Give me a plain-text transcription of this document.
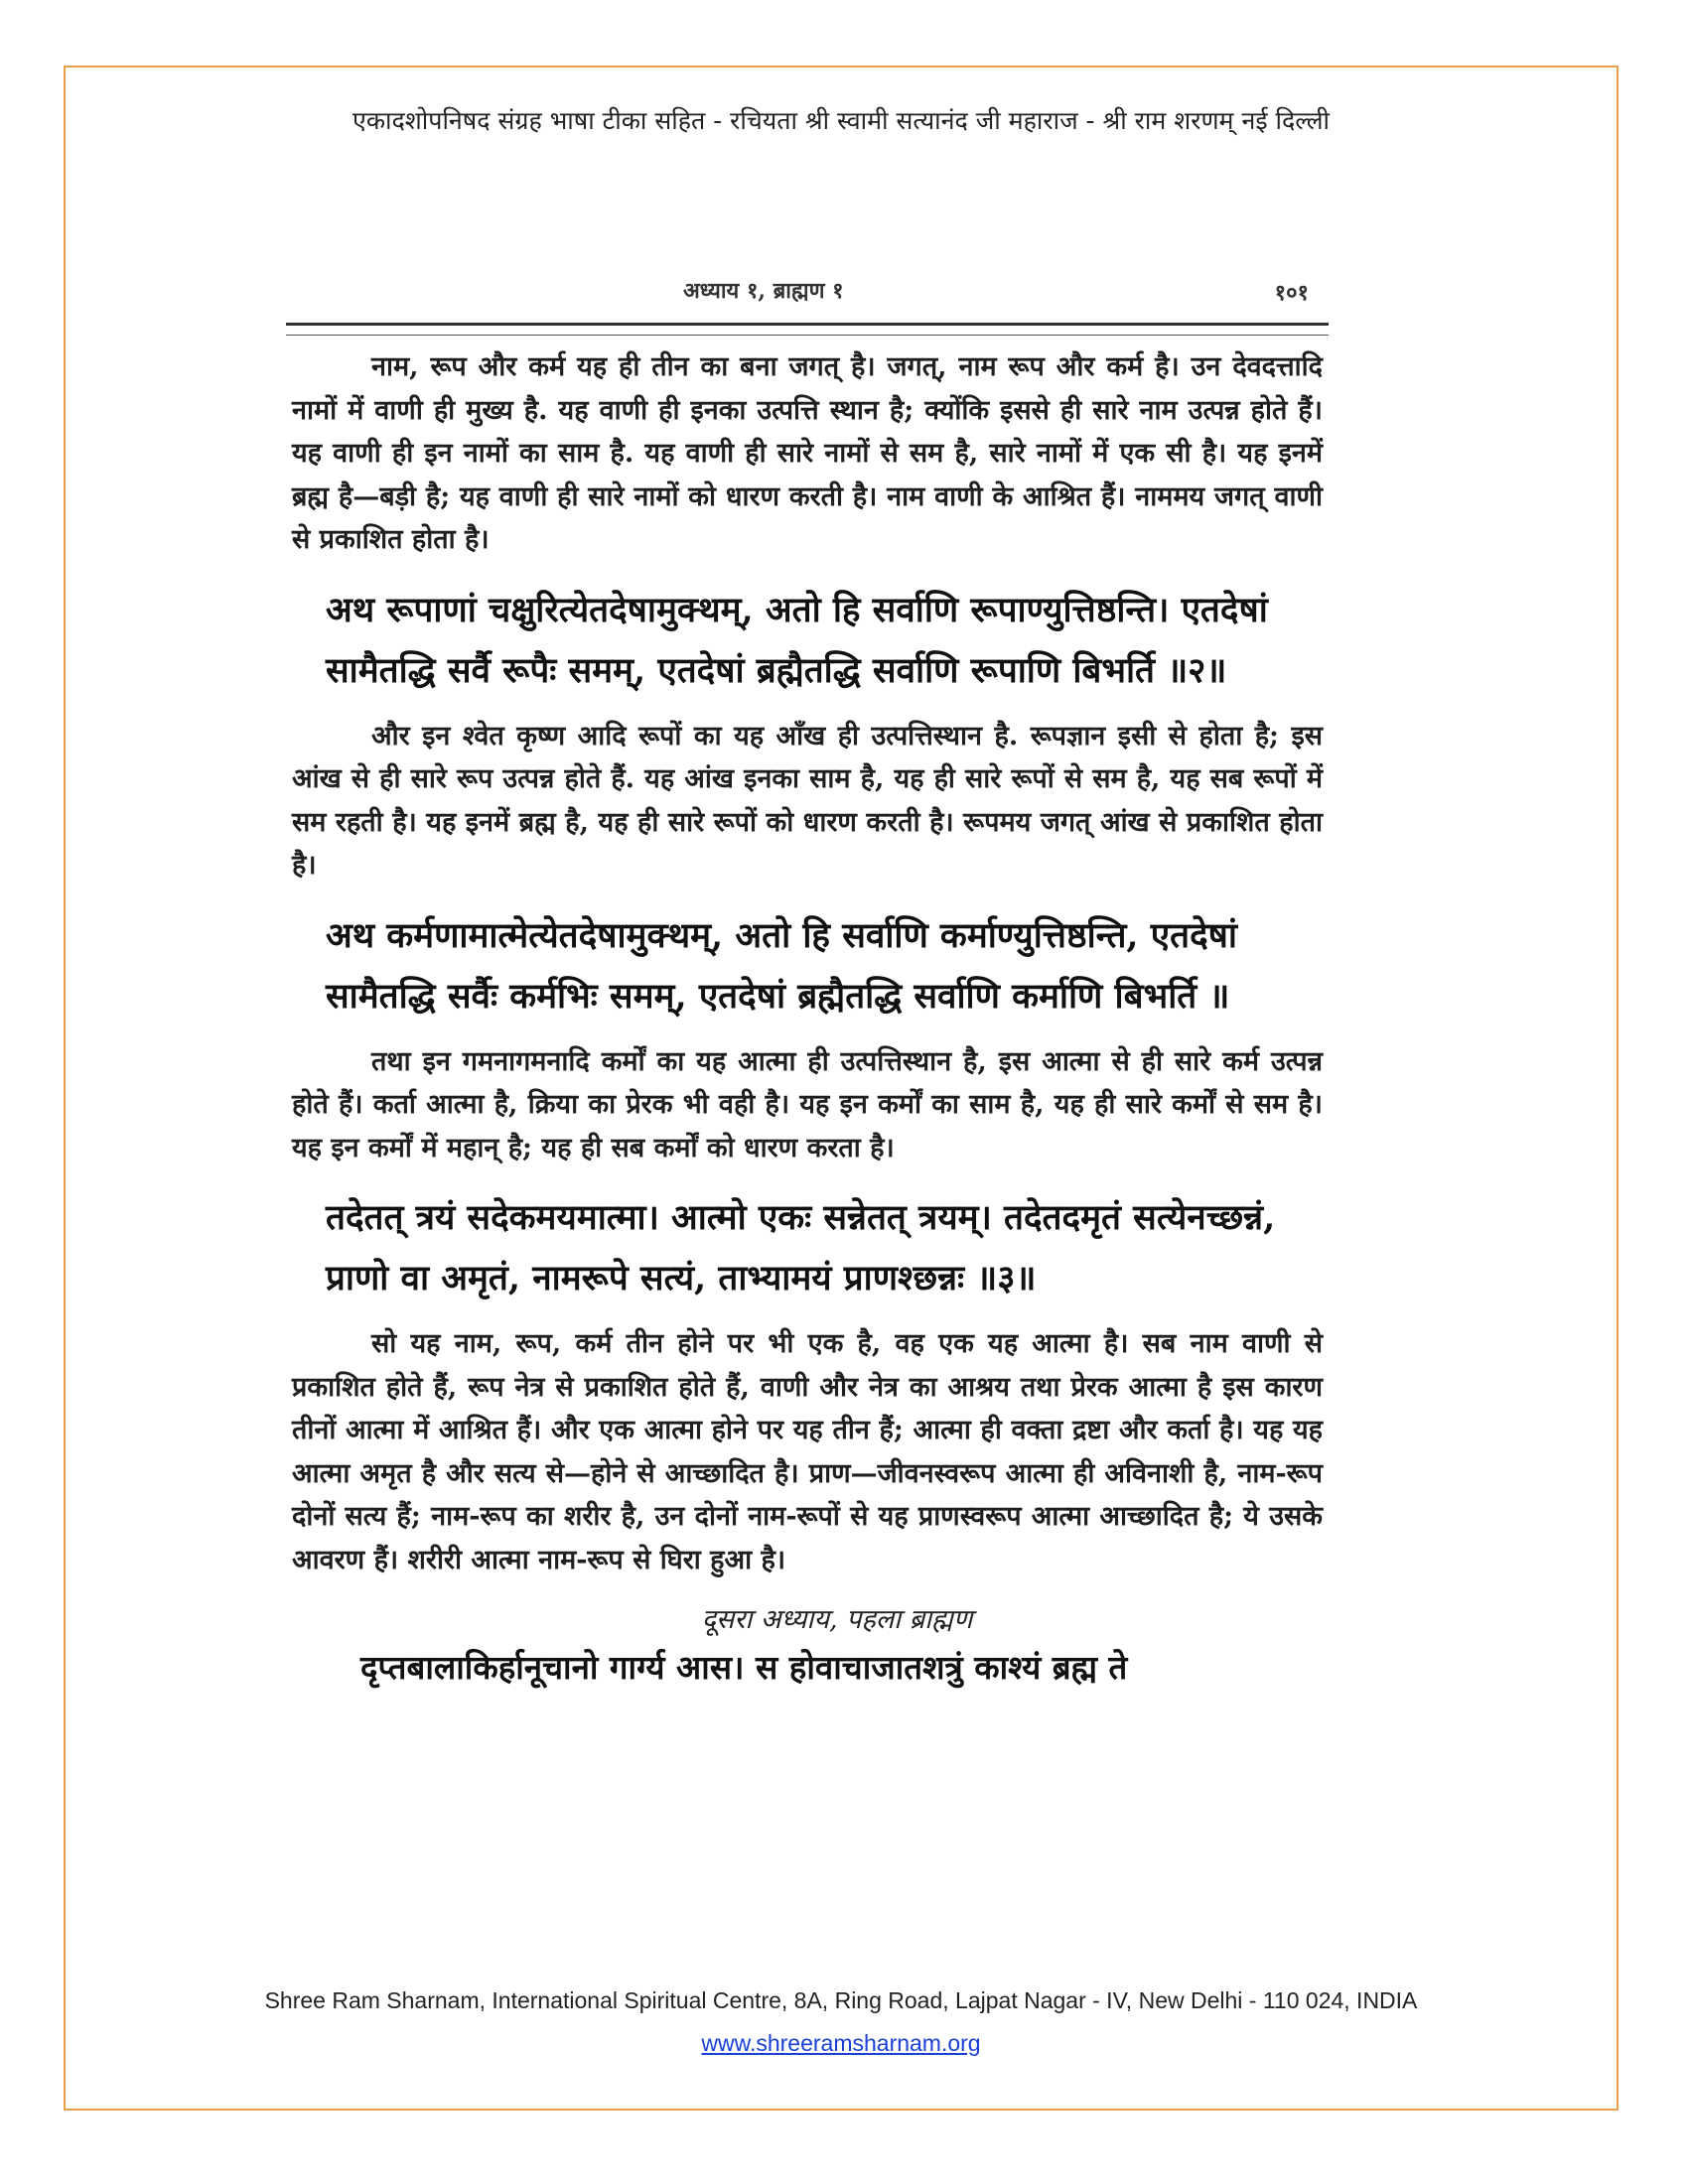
एकादशोपनिषद संग्रह भाषा टीका सहित - रचियता श्री स्वामी सत्यानंद जी महाराज - श्री राम शरणम् नई दिल्ली
अध्याय १, ब्राह्मण १	१०१

नाम, रूप और कर्म यह ही तीन का बना जगत् है। जगत्, नाम रूप और कर्म है। उन देवदत्तादि नामों में वाणी ही मुख्य है. यह वाणी ही इनका उत्पत्ति स्थान है; क्योंकि इससे ही सारे नाम उत्पन्न होते हैं। यह वाणी ही इन नामों का साम है. यह वाणी ही सारे नामों से सम है, सारे नामों में एक सी है। यह इनमें ब्रह्म है—बड़ी है; यह वाणी ही सारे नामों को धारण करती है। नाम वाणी के आश्रित हैं। नाममय जगत् वाणी से प्रकाशित होता है।

अथ रूपाणां चक्षुरित्येतदेषामुक्थम्, अतो हि सर्वाणि रूपाण्युत्तिष्ठन्ति। एतदेषां सामैतद्धि सर्वै रूपैः समम्, एतदेषां ब्रह्मैतद्धि सर्वाणि रूपाणि बिभर्ति ॥२॥

और इन श्वेत कृष्ण आदि रूपों का यह आँख ही उत्पत्तिस्थान है. रूपज्ञान इसी से होता है; इस आंख से ही सारे रूप उत्पन्न होते हैं. यह आंख इनका साम है, यह ही सारे रूपों से सम है, यह सब रूपों में सम रहती है। यह इनमें ब्रह्म है, यह ही सारे रूपों को धारण करती है। रूपमय जगत् आंख से प्रकाशित होता है।

अथ कर्मणामात्मेत्येतदेषामुक्थम्, अतो हि सर्वाणि कर्माण्युत्तिष्ठन्ति, एतदेषां सामैतद्धि सर्वैः कर्मभिः समम्, एतदेषां ब्रह्मैतद्धि सर्वाणि कर्माणि बिभर्ति ॥

तथा इन गमनागमनादि कर्मों का यह आत्मा ही उत्पत्तिस्थान है, इस आत्मा से ही सारे कर्म उत्पन्न होते हैं। कर्ता आत्मा है, क्रिया का प्रेरक भी वही है। यह इन कर्मों का साम है, यह ही सारे कर्मों से सम है। यह इन कर्मों में महान् है; यह ही सब कर्मों को धारण करता है।

तदेतत् त्रयं सदेकमयमात्मा। आत्मो एकः सन्नेतत् त्रयम्। तदेतदमृतं सत्येनच्छन्नं, प्राणो वा अमृतं, नामरूपे सत्यं, ताभ्यामयं प्राणश्छन्नः ॥३॥

सो यह नाम, रूप, कर्म तीन होने पर भी एक है, वह एक यह आत्मा है। सब नाम वाणी से प्रकाशित होते हैं, रूप नेत्र से प्रकाशित होते हैं, वाणी और नेत्र का आश्रय तथा प्रेरक आत्मा है इस कारण तीनों आत्मा में आश्रित हैं। और एक आत्मा होने पर यह तीन हैं; आत्मा ही वक्ता द्रष्टा और कर्ता है। यह यह आत्मा अमृत है और सत्य से—होने से आच्छादित है। प्राण—जीवनस्वरूप आत्मा ही अविनाशी है, नाम-रूप दोनों सत्य हैं; नाम-रूप का शरीर है, उन दोनों नाम-रूपों से यह प्राणस्वरूप आत्मा आच्छादित है; ये उसके आवरण हैं। शरीरी आत्मा नाम-रूप से घिरा हुआ है।

दूसरा अध्याय, पहला ब्राह्मण
दृप्तबालाकिर्हानूचानो गार्ग्य आस। स होवाचाजातशत्रुं काश्यं ब्रह्म ते
Shree Ram Sharnam, International Spiritual Centre, 8A, Ring Road, Lajpat Nagar - IV, New Delhi - 110 024, INDIA
www.shreeramsharnam.org
